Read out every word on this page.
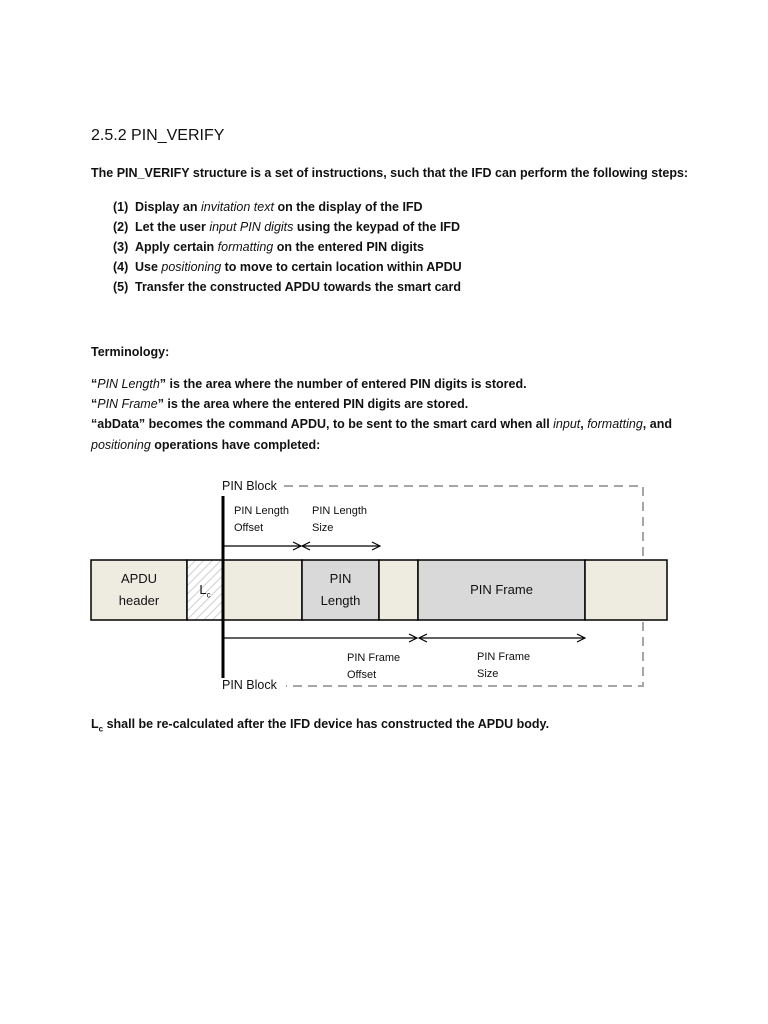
2.5.2 PIN_VERIFY
The PIN_VERIFY structure is a set of instructions, such that the IFD can perform the following steps:
(1) Display an invitation text on the display of the IFD
(2) Let the user input PIN digits using the keypad of the IFD
(3) Apply certain formatting on the entered PIN digits
(4) Use positioning to move to certain location within APDU
(5) Transfer the constructed APDU towards the smart card
Terminology:
“PIN Length” is the area where the number of entered PIN digits is stored.
“PIN Frame” is the area where the entered PIN digits are stored.
“abData” becomes the command APDU, to be sent to the smart card when all input, formatting, and
positioning operations have completed:
PIN Block
PIN Block
PIN Length
Offset
PIN Length
Size
APDU
header
$L_c$
PIN
Length
PIN Frame
PIN Frame
Offset
PIN Frame
Size
$L_c$ shall be re-calculated after the IFD device has constructed the APDU body.
